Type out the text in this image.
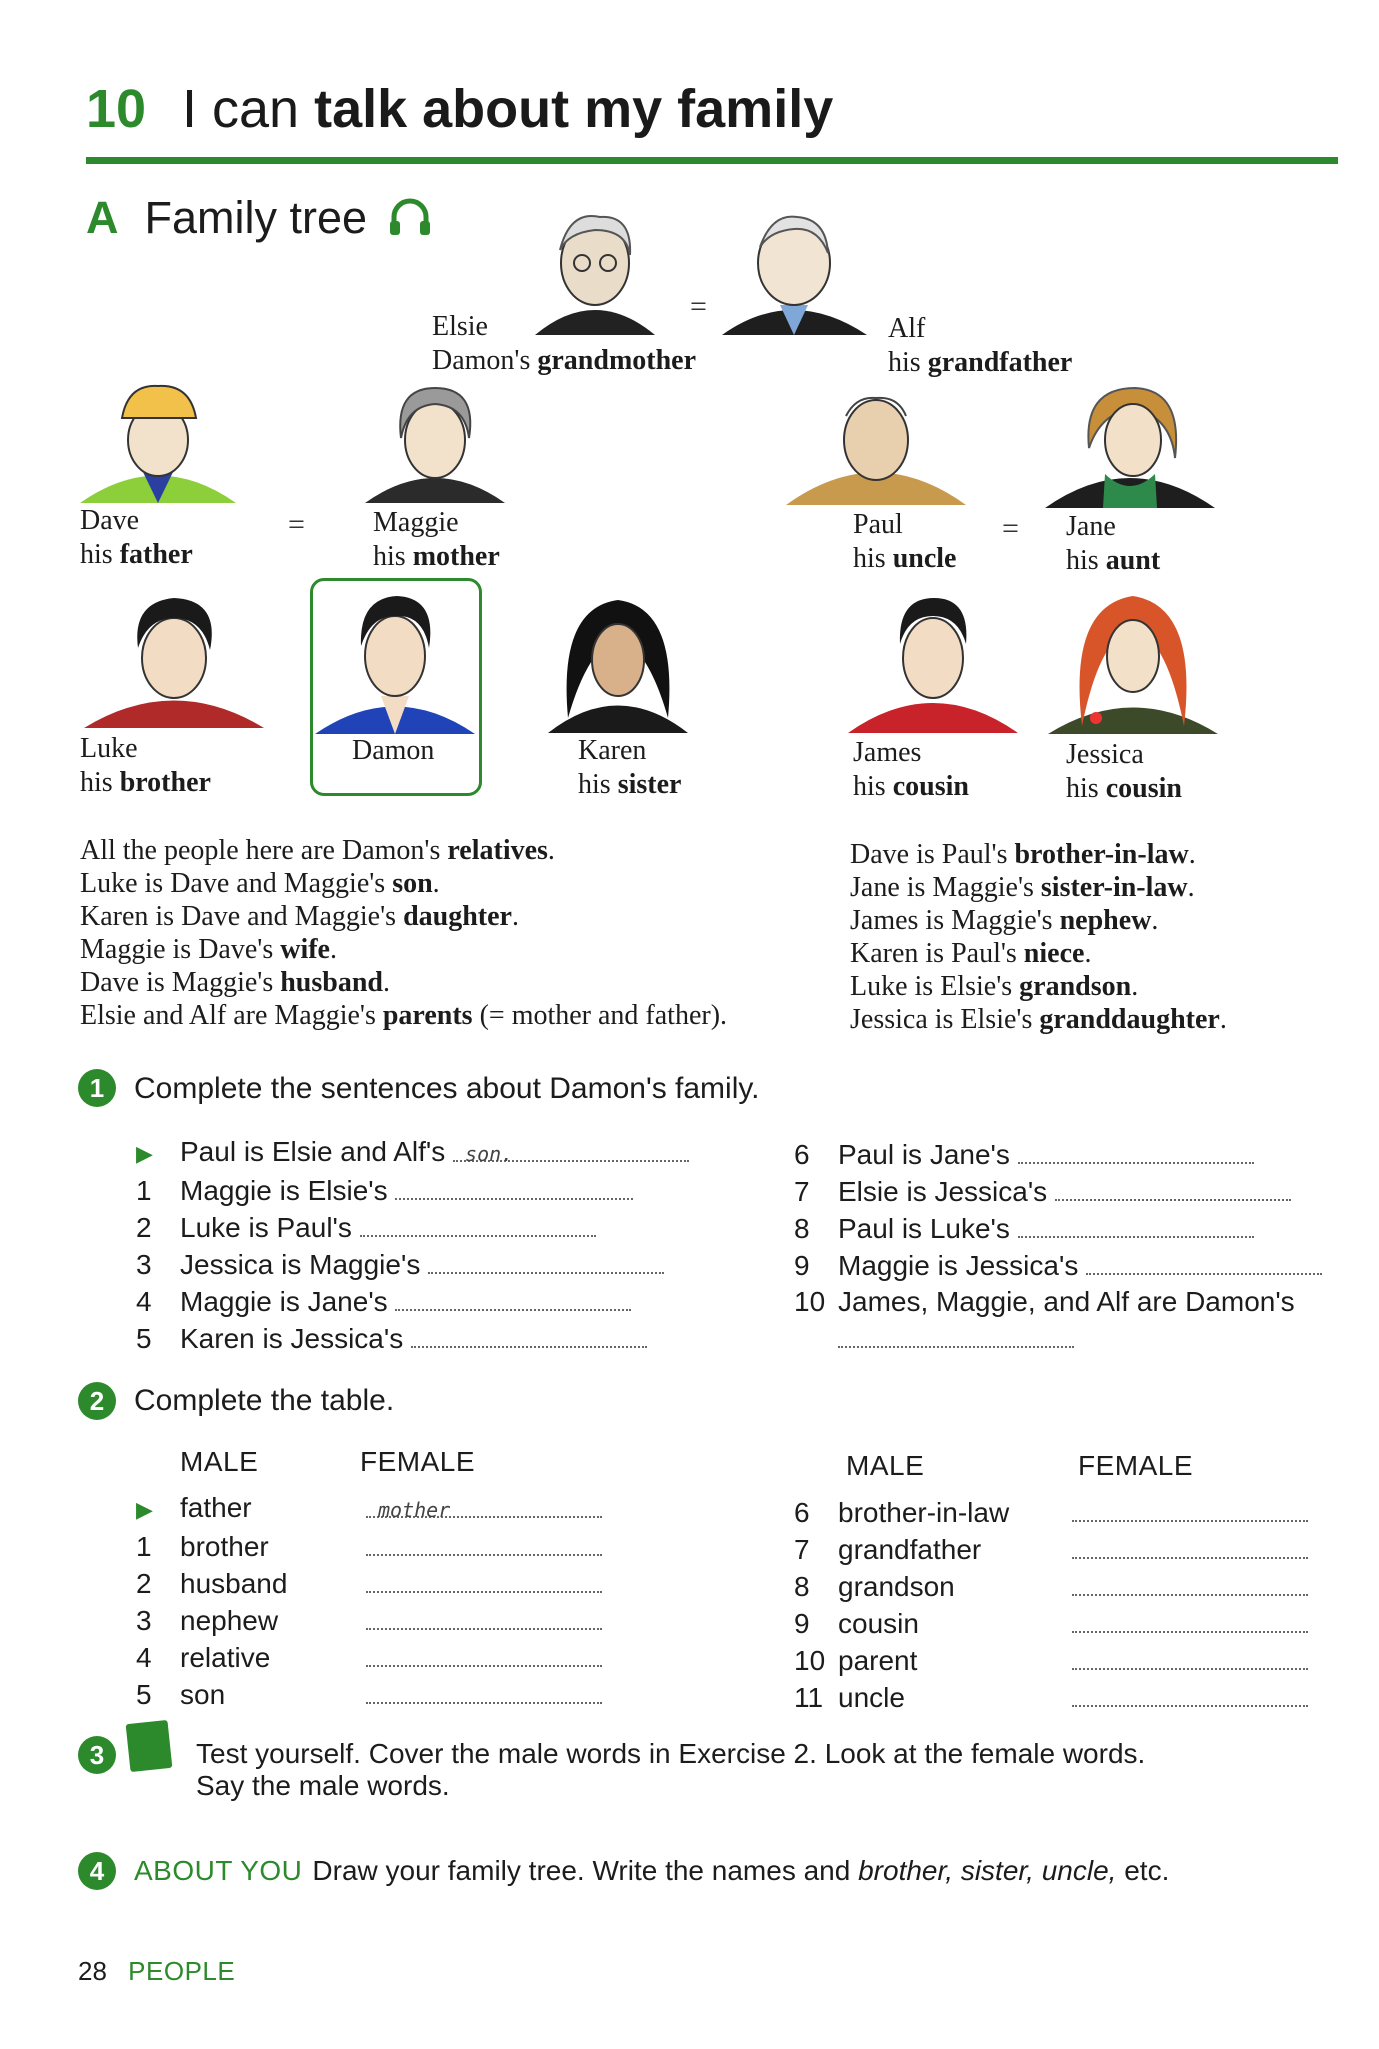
10 I can talk about my family
A Family tree
=
Elsie
Damon's grandmother
Alf
his grandfather
=	=
Dave
his father
Maggie
his mother
Paul
his uncle
Jane
his aunt
Luke
his brother
Damon	Karen
his sister
James
his cousin
Jessica
his cousin
All the people here are Damon's relatives.
Luke is Dave and Maggie's son.
Karen is Dave and Maggie's daughter.
Maggie is Dave's wife.
Dave is Maggie's husband.
Elsie and Alf are Maggie's parents (= mother and father).
Dave is Paul's brother-in-law.
Jane is Maggie's sister-in-law.
James is Maggie's nephew.
Karen is Paul's niece.
Luke is Elsie's grandson.
Jessica is Elsie's granddaughter.
1 Complete the sentences about Damon's family.
▶ Paul is Elsie and Alf's son.
1 Maggie is Elsie's
2 Luke is Paul's
3 Jessica is Maggie's
4 Maggie is Jane's
5 Karen is Jessica's
6 Paul is Jane's
7 Elsie is Jessica's
8 Paul is Luke's
9 Maggie is Jessica's
10 James, Maggie, and Alf are Damon's
2 Complete the table.
MALE	FEMALE	MALE	FEMALE
▶ father	mother
1 brother
2 husband
3 nephew
4 relative
5 son
6 brother-in-law
7 grandfather
8 grandson
9 cousin
10 parent
11 uncle
3	Test yourself. Cover the male words in Exercise 2. Look at the female words.
Say the male words.
4	ABOUT YOU Draw your family tree. Write the names and brother, sister, uncle, etc.
28 PEOPLE
